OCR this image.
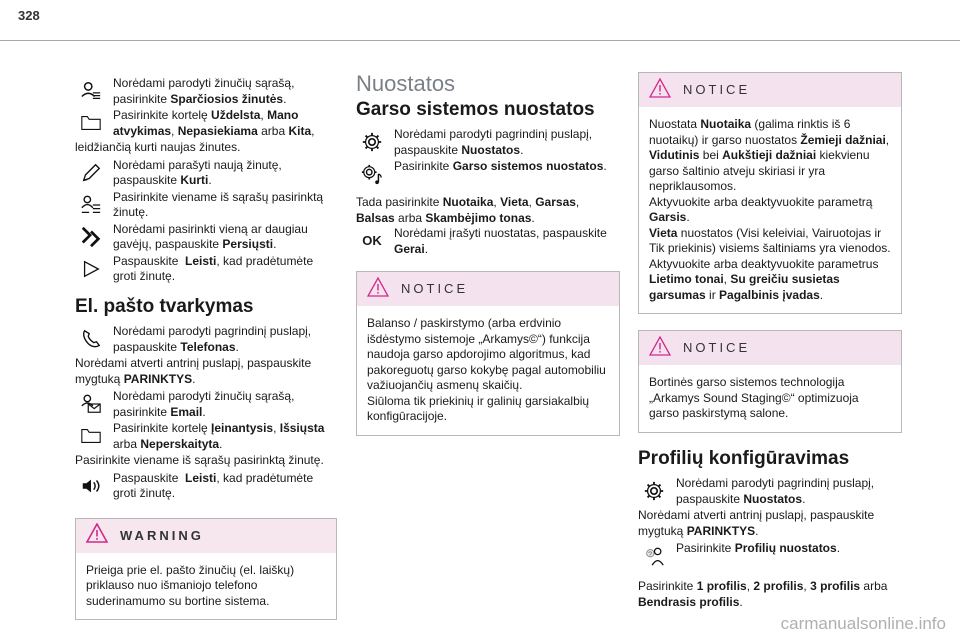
328
Norėdami parodyti žinučių sąrašą, pasirinkite Sparčiosios žinutės.
Pasirinkite kortelę Uždelsta, Mano atvykimas, Nepasiekiama arba Kita,

leidžiančią kurti naujas žinutes.

Norėdami parašyti naują žinutę, paspauskite Kurti.
Pasirinkite viename iš sąrašų pasirinktą žinutę.
Norėdami pasirinkti vieną ar daugiau gavėjų, paspauskite Persiųsti.
Paspauskite  Leisti, kad pradėtumėte groti žinutę.
El. pašto tvarkymas
Norėdami parodyti pagrindinį puslapį, paspauskite Telefonas.

Norėdami atverti antrinį puslapį, paspauskite mygtuką PARINKTYS.

Norėdami parodyti žinučių sąrašą, pasirinkite Email.
Pasirinkite kortelę Įeinantysis, Išsiųsta arba Neperskaityta.

Pasirinkite viename iš sąrašų pasirinktą žinutę.

Paspauskite  Leisti, kad pradėtumėte groti žinutę.
WARNING
Prieiga prie el. pašto žinučių (el. laiškų) priklauso nuo išmaniojo telefono suderinamumo su bortine sistema.
Nuostatos
Garso sistemos nuostatos
Norėdami parodyti pagrindinį puslapį, paspauskite Nuostatos.
Pasirinkite Garso sistemos nuostatos.

Tada pasirinkite Nuotaika, Vieta, Garsas, Balsas arba Skambėjimo tonas.

OK
Norėdami įrašyti nuostatas, paspauskite Gerai.
NOTICE
Balanso / paskirstymo (arba erdvinio išdėstymo sistemoje „Arkamys©“) funkcija naudoja garso apdorojimo algoritmus, kad pakoreguotų garso kokybę pagal automobiliu važiuojančių asmenų skaičių.
Siūloma tik priekinių ir galinių garsiakalbių konfigūracijoje.
NOTICE
Nuostata Nuotaika (galima rinktis iš 6 nuotaikų) ir garso nuostatos Žemieji dažniai, Vidutinis bei Aukštieji dažniai kiekvienu garso šaltinio atveju skiriasi ir yra nepriklausomos.
Aktyvuokite arba deaktyvuokite parametrą Garsis.
Vieta nuostatos (Visi keleiviai, Vairuotojas ir Tik priekinis) visiems šaltiniams yra vienodos.
Aktyvuokite arba deaktyvuokite parametrus Lietimo tonai, Su greičiu susietas garsumas ir Pagalbinis įvadas.
NOTICE
Bortinės garso sistemos technologija „Arkamys Sound Staging©“ optimizuoja garso paskirstymą salone.
Profilių konfigūravimas
Norėdami parodyti pagrindinį puslapį, paspauskite Nuostatos.

Norėdami atverti antrinį puslapį, paspauskite mygtuką PARINKTYS.

? Pasirinkite Profilių nuostatos.

Pasirinkite 1 profilis, 2 profilis, 3 profilis arba Bendrasis profilis.

carmanualsonline.info
